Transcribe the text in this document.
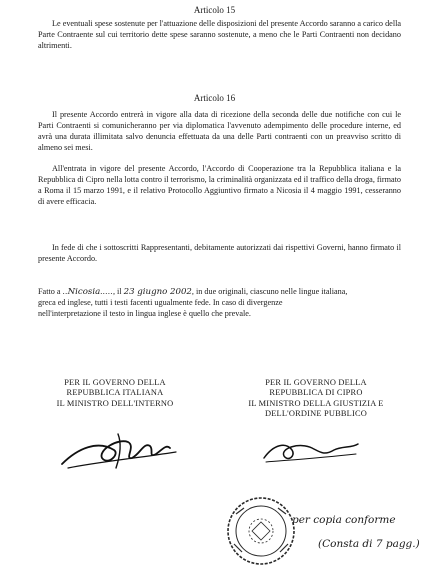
Articolo 15
Le eventuali spese sostenute per l'attuazione delle disposizioni del presente Accordo saranno a carico della Parte Contraente sul cui territorio dette spese saranno sostenute, a meno che le Parti Contraenti non decidano altrimenti.
Articolo 16
Il presente Accordo entrerà in vigore alla data di ricezione della seconda delle due notifiche con cui le Parti Contraenti si comunicheranno per via diplomatica l'avvenuto adempimento delle procedure interne, ed avrà una durata illimitata salvo denuncia effettuata da una delle Parti contraenti con un preavviso scritto di almeno sei mesi.
All'entrata in vigore del presente Accordo, l'Accordo di Cooperazione tra la Repubblica italiana e la Repubblica di Cipro nella lotta contro il terrorismo, la criminalità organizzata ed il traffico della droga, firmato a Roma il 15 marzo 1991, e il relativo Protocollo Aggiuntivo firmato a Nicosia il 4 maggio 1991, cesseranno di avere efficacia.
In fede di che i sottoscritti Rappresentanti, debitamente autorizzati dai rispettivi Governi, hanno firmato il presente Accordo.
Fatto a ..Nicosia....., il 23 giugno 2002, in due originali, ciascuno nelle lingue italiana,
greca ed inglese, tutti i testi facenti ugualmente fede. In caso di divergenze
nell'interpretazione il testo in lingua inglese è quello che prevale.
PER IL GOVERNO DELLA
REPUBBLICA ITALIANA
IL MINISTRO DELL'INTERNO
PER IL GOVERNO DELLA
REPUBBLICA DI CIPRO
IL MINISTRO DELLA GIUSTIZIA E
DELL'ORDINE PUBBLICO
per copia conforme
(Consta di 7 pagg.)
